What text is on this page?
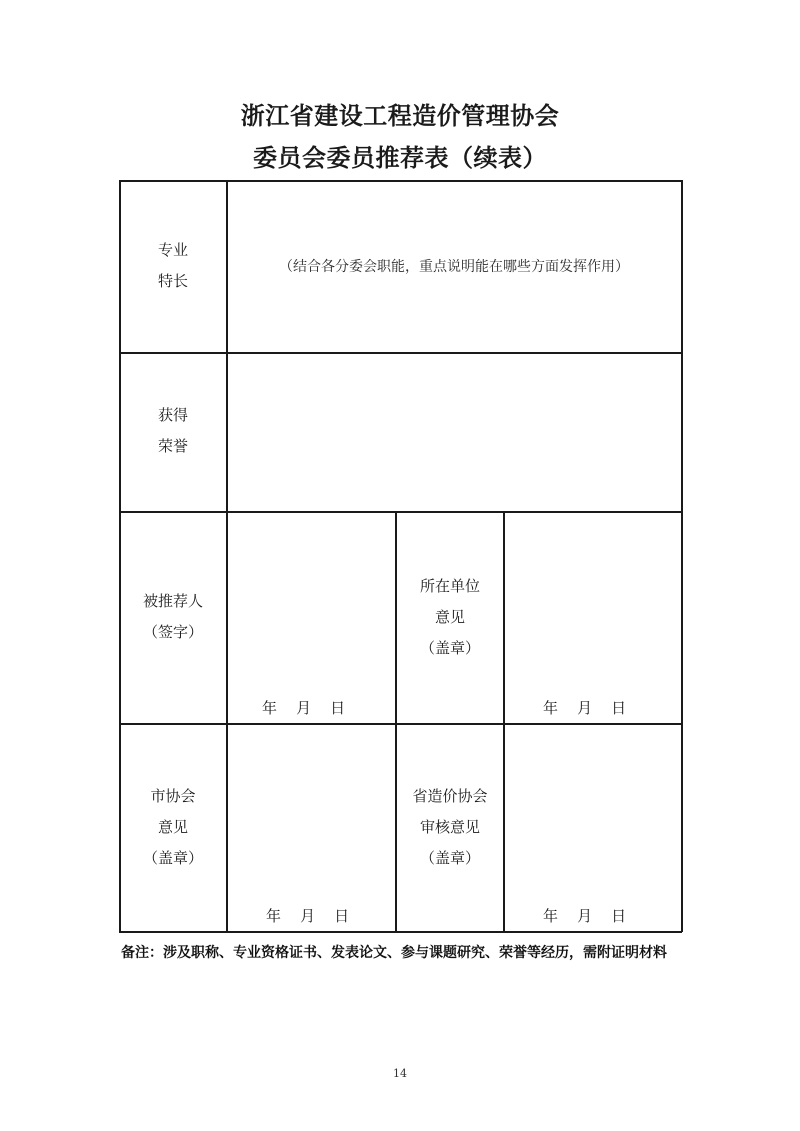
浙江省建设工程造价管理协会
委员会委员推荐表（续表）
专业
特长
（结合各分委会职能，重点说明能在哪些方面发挥作用）
获得
荣誉
被推荐人
（签字）
年    月    日
所在单位
意见
（盖章）
年    月    日
市协会
意见
（盖章）
年    月    日
省造价协会
审核意见
（盖章）
年    月    日
备注：涉及职称、专业资格证书、发表论文、参与课题研究、荣誉等经历，需附证明材料
14
